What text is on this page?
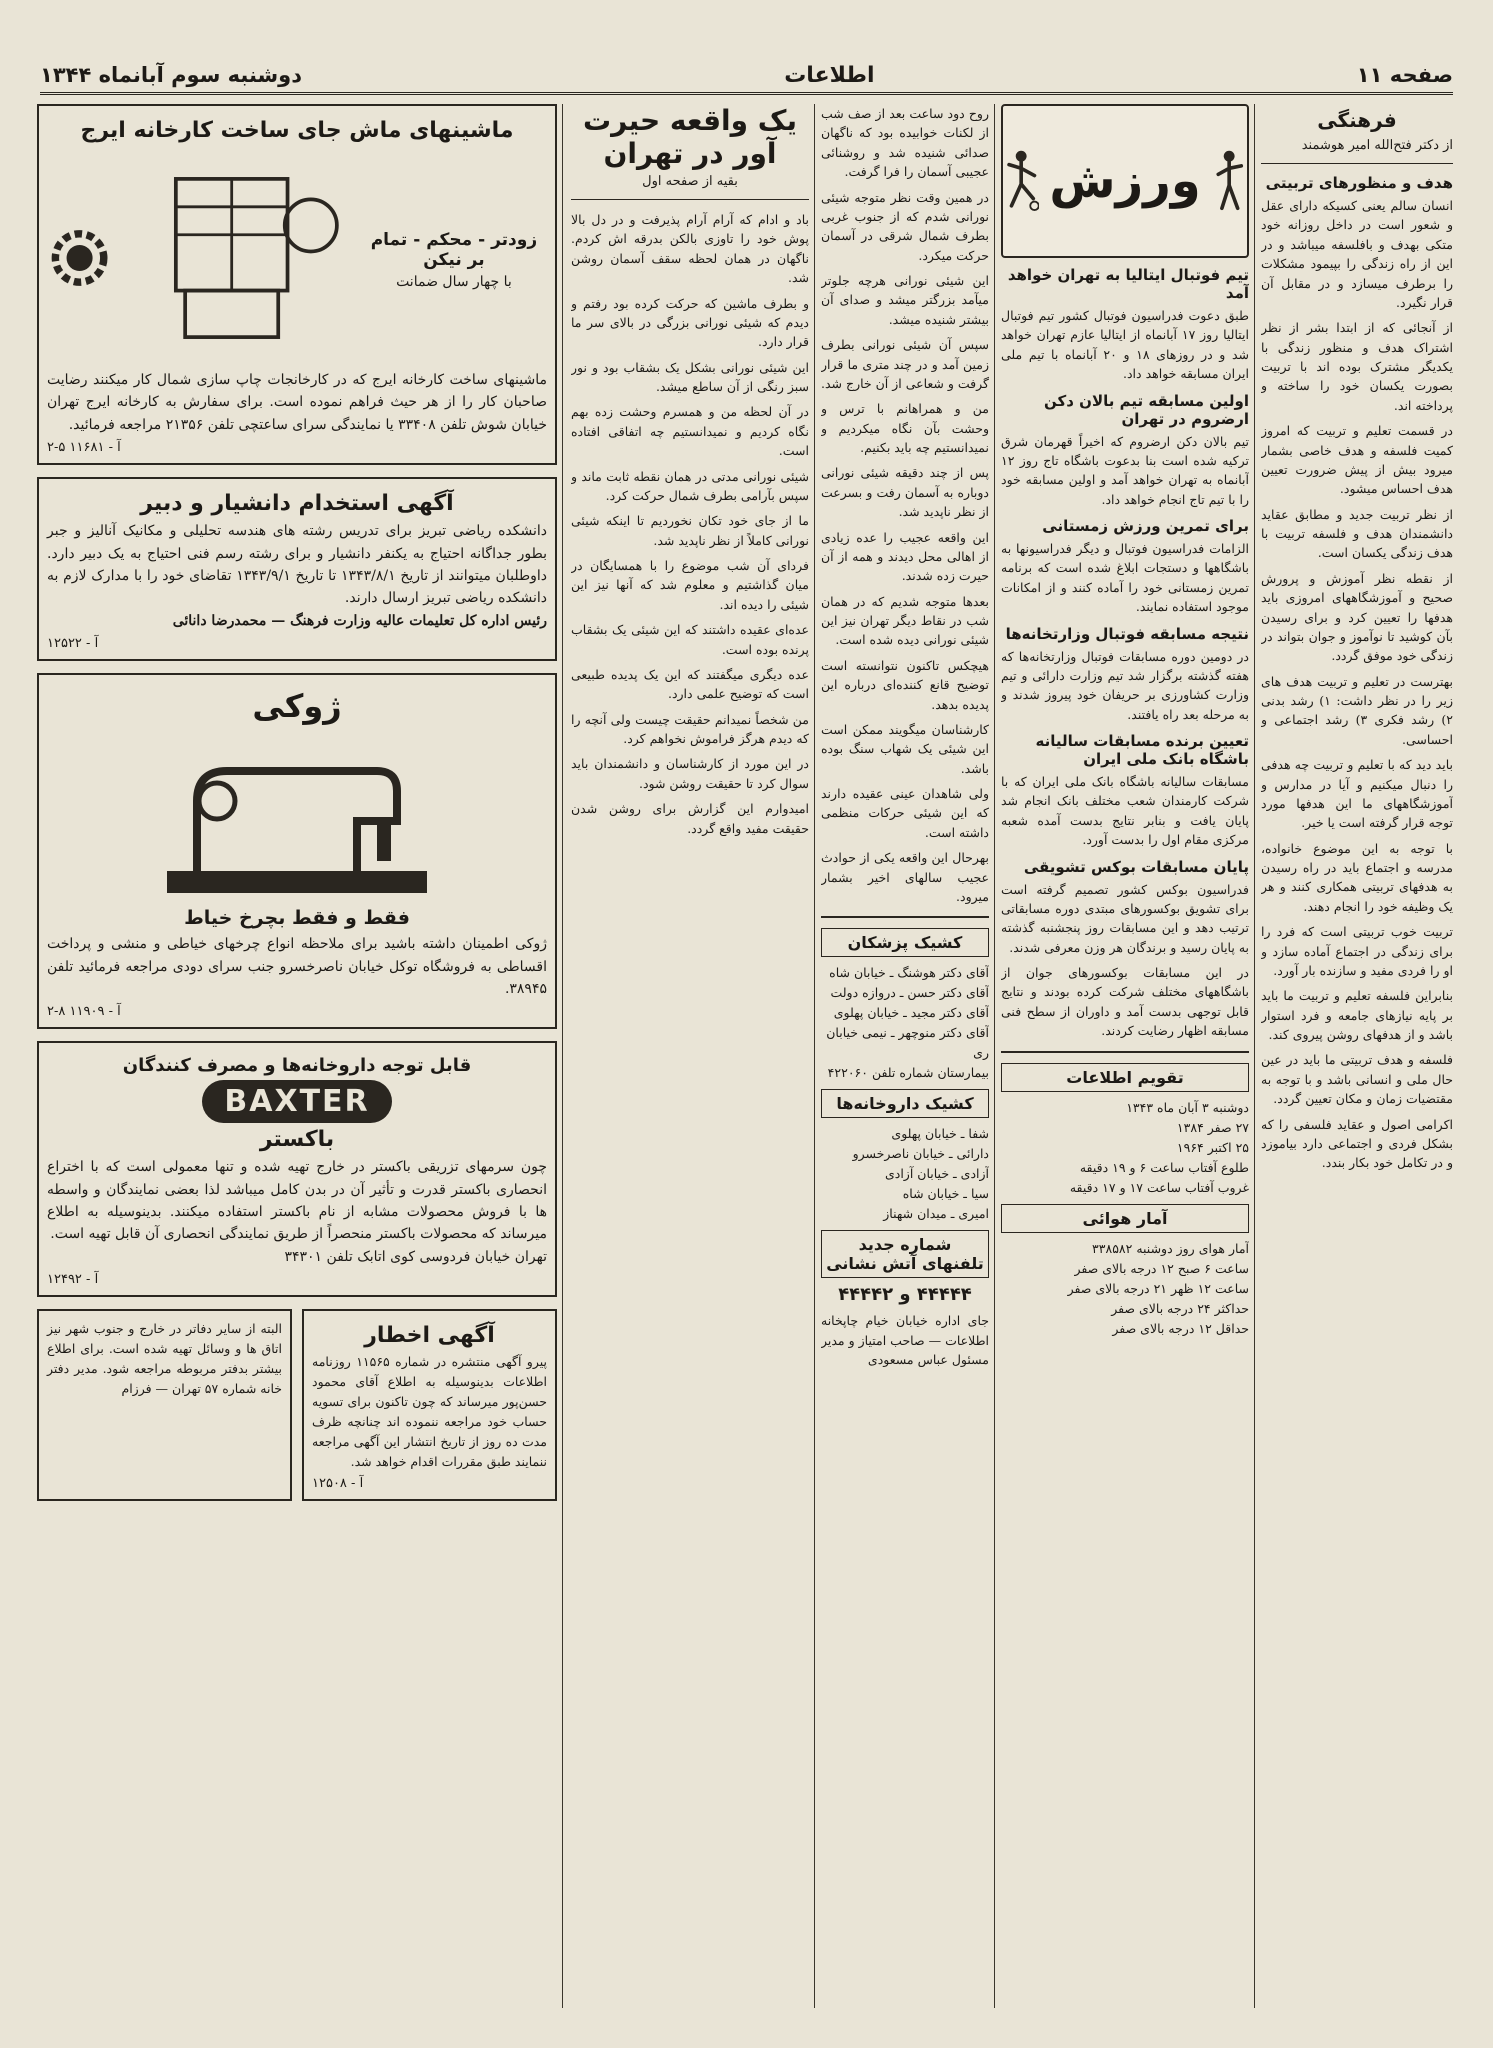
صفحه ۱۱
اطلاعات
دوشنبه سوم آبانماه ۱۳۴۴
فرهنگی
از دکتر فتح‌الله امیر هوشمند
هدف و منظورهای تربیتی

انسان سالم یعنی کسیکه دارای عقل و شعور است در داخل روزانه خود متکی بهدف و بافلسفه میباشد و در این از راه زندگی را بپیمود مشکلات را برطرف میسازد و در مقابل آن قرار نگیرد.

از آنجائی که از ابتدا بشر از نظر اشتراک هدف و منظور زندگی با یکدیگر مشترک بوده اند با تربیت بصورت یکسان خود را ساخته و پرداخته اند.

در قسمت تعلیم و تربیت که امروز کمیت فلسفه و هدف خاصی بشمار میرود بیش از پیش ضرورت تعیین هدف احساس میشود.

از نظر تربیت جدید و مطابق عقاید دانشمندان هدف و فلسفه تربیت با هدف زندگی یکسان است.

از نقطه نظر آموزش و پرورش صحیح و آموزشگاههای امروزی باید هدفها را تعیین کرد و برای رسیدن بآن کوشید تا نوآموز و جوان بتواند در زندگی خود موفق گردد.

بهترست در تعلیم و تربیت هدف های زیر را در نظر داشت: ۱) رشد بدنی ۲) رشد فکری ۳) رشد اجتماعی و احساسی.

باید دید که با تعلیم و تربیت چه هدفی را دنبال میکنیم و آیا در مدارس و آموزشگاههای ما این هدفها مورد توجه قرار گرفته است یا خیر.

با توجه به این موضوع خانواده، مدرسه و اجتماع باید در راه رسیدن به هدفهای تربیتی همکاری کنند و هر یک وظیفه خود را انجام دهند.

تربیت خوب تربیتی است که فرد را برای زندگی در اجتماع آماده سازد و او را فردی مفید و سازنده بار آورد.

بنابراین فلسفه تعلیم و تربیت ما باید بر پایه نیازهای جامعه و فرد استوار باشد و از هدفهای روشن پیروی کند.

فلسفه و هدف تربیتی ما باید در عین حال ملی و انسانی باشد و با توجه به مقتضیات زمان و مکان تعیین گردد.

اکرامی اصول و عقاید فلسفی را که بشکل فردی و اجتماعی دارد بیاموزد و در تکامل خود بکار بندد.

ورزش
تیم فوتبال ایتالیا به تهران خواهد آمد

طبق دعوت فدراسیون فوتبال کشور تیم فوتبال ایتالیا روز ۱۷ آبانماه از ایتالیا عازم تهران خواهد شد و در روزهای ۱۸ و ۲۰ آبانماه با تیم ملی ایران مسابقه خواهد داد.

اولین مسابقه تیم بالان دکن ارضروم در تهران

تیم بالان دکن ارضروم که اخیراً قهرمان شرق ترکیه شده است بنا بدعوت باشگاه تاج روز ۱۲ آبانماه به تهران خواهد آمد و اولین مسابقه خود را با تیم تاج انجام خواهد داد.

برای تمرین ورزش زمستانی

الزامات فدراسیون فوتبال و دیگر فدراسیونها به باشگاهها و دستجات ابلاغ شده است که برنامه تمرین زمستانی خود را آماده کنند و از امکانات موجود استفاده نمایند.

نتیجه مسابقه فوتبال وزارتخانه‌ها

در دومین دوره مسابقات فوتبال وزارتخانه‌ها که هفته گذشته برگزار شد تیم وزارت دارائی و تیم وزارت کشاورزی بر حریفان خود پیروز شدند و به مرحله بعد راه یافتند.

تعیین برنده مسابقات سالیانه باشگاه بانک ملی ایران

مسابقات سالیانه باشگاه بانک ملی ایران که با شرکت کارمندان شعب مختلف بانک انجام شد پایان یافت و بنابر نتایج بدست آمده شعبه مرکزی مقام اول را بدست آورد.

پایان مسابقات بوکس تشویقی

فدراسیون بوکس کشور تصمیم گرفته است برای تشویق بوکسورهای مبتدی دوره مسابقاتی ترتیب دهد و این مسابقات روز پنجشنبه گذشته به پایان رسید و برندگان هر وزن معرفی شدند.

در این مسابقات بوکسورهای جوان از باشگاههای مختلف شرکت کرده بودند و نتایج قابل توجهی بدست آمد و داوران از سطح فنی مسابقه اظهار رضایت کردند.

تقویم اطلاعات

دوشنبه ۳ آبان ماه ۱۳۴۳

۲۷ صفر ۱۳۸۴

۲۵ اکتبر ۱۹۶۴

طلوع آفتاب ساعت ۶ و ۱۹ دقیقه

غروب آفتاب ساعت ۱۷ و ۱۷ دقیقه

آمار هوائی

آمار هوای روز دوشنبه ۳۳۸۵۸۲

ساعت ۶ صبح ۱۲ درجه بالای صفر

ساعت ۱۲ ظهر ۲۱ درجه بالای صفر

حداکثر ۲۴ درجه بالای صفر

حداقل ۱۲ درجه بالای صفر

روح دود ساعت بعد از صف شب از لکنات خوابیده بود که ناگهان صدائی شنیده شد و روشنائی عجیبی آسمان را فرا گرفت.

در همین وقت نظر متوجه شیئی نورانی شدم که از جنوب غربی بطرف شمال شرقی در آسمان حرکت میکرد.

این شیئی نورانی هرچه جلوتر میآمد بزرگتر میشد و صدای آن بیشتر شنیده میشد.

سپس آن شیئی نورانی بطرف زمین آمد و در چند متری ما قرار گرفت و شعاعی از آن خارج شد.

من و همراهانم با ترس و وحشت بآن نگاه میکردیم و نمیدانستیم چه باید بکنیم.

پس از چند دقیقه شیئی نورانی دوباره به آسمان رفت و بسرعت از نظر ناپدید شد.

این واقعه عجیب را عده زیادی از اهالی محل دیدند و همه از آن حیرت زده شدند.

بعدها متوجه شدیم که در همان شب در نقاط دیگر تهران نیز این شیئی نورانی دیده شده است.

هیچکس تاکنون نتوانسته است توضیح قانع کننده‌ای درباره این پدیده بدهد.

کارشناسان میگویند ممکن است این شیئی یک شهاب سنگ بوده باشد.

ولی شاهدان عینی عقیده دارند که این شیئی حرکات منظمی داشته است.

بهرحال این واقعه یکی از حوادث عجیب سالهای اخیر بشمار میرود.

کشیک پزشکان

آقای دکتر هوشنگ ـ خیابان شاه

آقای دکتر حسن ـ دروازه دولت

آقای دکتر مجید ـ خیابان پهلوی

آقای دکتر منوچهر ـ نیمی خیابان ری

بیمارستان شماره تلفن ۴۲۲۰۶۰

کشیک داروخانه‌ها

شفا ـ خیابان پهلوی

دارائی ـ خیابان ناصرخسرو

آزادی ـ خیابان آزادی

سیا ـ خیابان شاه

امیری ـ میدان شهناز

شماره جدید تلفنهای آتش نشانی
۴۴۴۴۴ و ۴۴۴۴۲

جای اداره خیابان خیام چاپخانه اطلاعات — صاحب امتیاز و مدیر مسئول عباس مسعودی

یک واقعه حیرت آور در تهران
بقیه از صفحه اول

باد و ادام که آرام آرام پذیرفت و در دل بالا پوش خود را تاوزی بالکن بدرقه اش کردم. ناگهان در همان لحظه سقف آسمان روشن شد.

و بطرف ماشین که حرکت کرده بود رفتم و دیدم که شیئی نورانی بزرگی در بالای سر ما قرار دارد.

این شیئی نورانی بشکل یک بشقاب بود و نور سبز رنگی از آن ساطع میشد.

در آن لحظه من و همسرم وحشت زده بهم نگاه کردیم و نمیدانستیم چه اتفاقی افتاده است.

شیئی نورانی مدتی در همان نقطه ثابت ماند و سپس بآرامی بطرف شمال حرکت کرد.

ما از جای خود تکان نخوردیم تا اینکه شیئی نورانی کاملاً از نظر ناپدید شد.

فردای آن شب موضوع را با همسایگان در میان گذاشتیم و معلوم شد که آنها نیز این شیئی را دیده اند.

عده‌ای عقیده داشتند که این شیئی یک بشقاب پرنده بوده است.

عده دیگری میگفتند که این یک پدیده طبیعی است که توضیح علمی دارد.

من شخصاً نمیدانم حقیقت چیست ولی آنچه را که دیدم هرگز فراموش نخواهم کرد.

در این مورد از کارشناسان و دانشمندان باید سوال کرد تا حقیقت روشن شود.

امیدوارم این گزارش برای روشن شدن حقیقت مفید واقع گردد.

ماشینهای ماش جای ساخت کارخانه ایرج
زودتر - محکم - تمام بر نیکن
با چهار سال ضمانت

ماشینهای ساخت کارخانه ایرج که در کارخانجات چاپ سازی شمال کار میکنند رضایت صاحبان کار را از هر حیث فراهم نموده است. برای سفارش به کارخانه ایرج تهران خیابان شوش تلفن ۳۳۴۰۸ یا نمایندگی سرای ساعتچی تلفن ۲۱۳۵۶ مراجعه فرمائید.

آ - ۱۱۶۸۱ ۵-۲
آگهی استخدام دانشیار و دبیر

دانشکده ریاضی تبریز برای تدریس رشته های هندسه تحلیلی و مکانیک آنالیز و جبر بطور جداگانه احتیاج به یکنفر دانشیار و برای رشته رسم فنی احتیاج به یک دبیر دارد. داوطلبان میتوانند از تاریخ ۱۳۴۳/۸/۱ تا تاریخ ۱۳۴۳/۹/۱ تقاضای خود را با مدارک لازم به دانشکده ریاضی تبریز ارسال دارند.

رئیس اداره کل تعلیمات عالیه وزارت فرهنگ — محمدرضا دانائی

آ - ۱۲۵۲۲
ژوکی
فقط و فقط بچرخ خیاط

ژوکی اطمینان داشته باشید برای ملاحظه انواع چرخهای خیاطی و منشی و پرداخت اقساطی به فروشگاه توکل خیابان ناصرخسرو جنب سرای دودی مراجعه فرمائید تلفن ۳۸۹۴۵.

آ - ۱۱۹۰۹ ۸-۲
قابل توجه داروخانه‌ها و مصرف کنندگان
BAXTER
باکستر

چون سرمهای تزریقی باکستر در خارج تهیه شده و تنها معمولی است که با اختراع انحصاری باکستر قدرت و تأثیر آن در بدن کامل میباشد لذا بعضی نمایندگان و واسطه ها با فروش محصولات مشابه از نام باکستر استفاده میکنند. بدینوسیله به اطلاع میرساند که محصولات باکستر منحصراً از طریق نمایندگی انحصاری آن قابل تهیه است.

تهران خیابان فردوسی کوی اتابک تلفن ۳۴۳۰۱

آ - ۱۲۴۹۲
آگهی اخطار

پیرو آگهی منتشره در شماره ۱۱۵۶۵ روزنامه اطلاعات بدینوسیله به اطلاع آقای محمود حسن‌پور میرساند که چون تاکنون برای تسویه حساب خود مراجعه ننموده اند چنانچه ظرف مدت ده روز از تاریخ انتشار این آگهی مراجعه ننمایند طبق مقررات اقدام خواهد شد.

آ - ۱۲۵۰۸

البته از سایر دفاتر در خارج و جنوب شهر نیز اتاق ها و وسائل تهیه شده است. برای اطلاع بیشتر بدفتر مربوطه مراجعه شود. مدیر دفتر خانه شماره ۵۷ تهران — فرزام
